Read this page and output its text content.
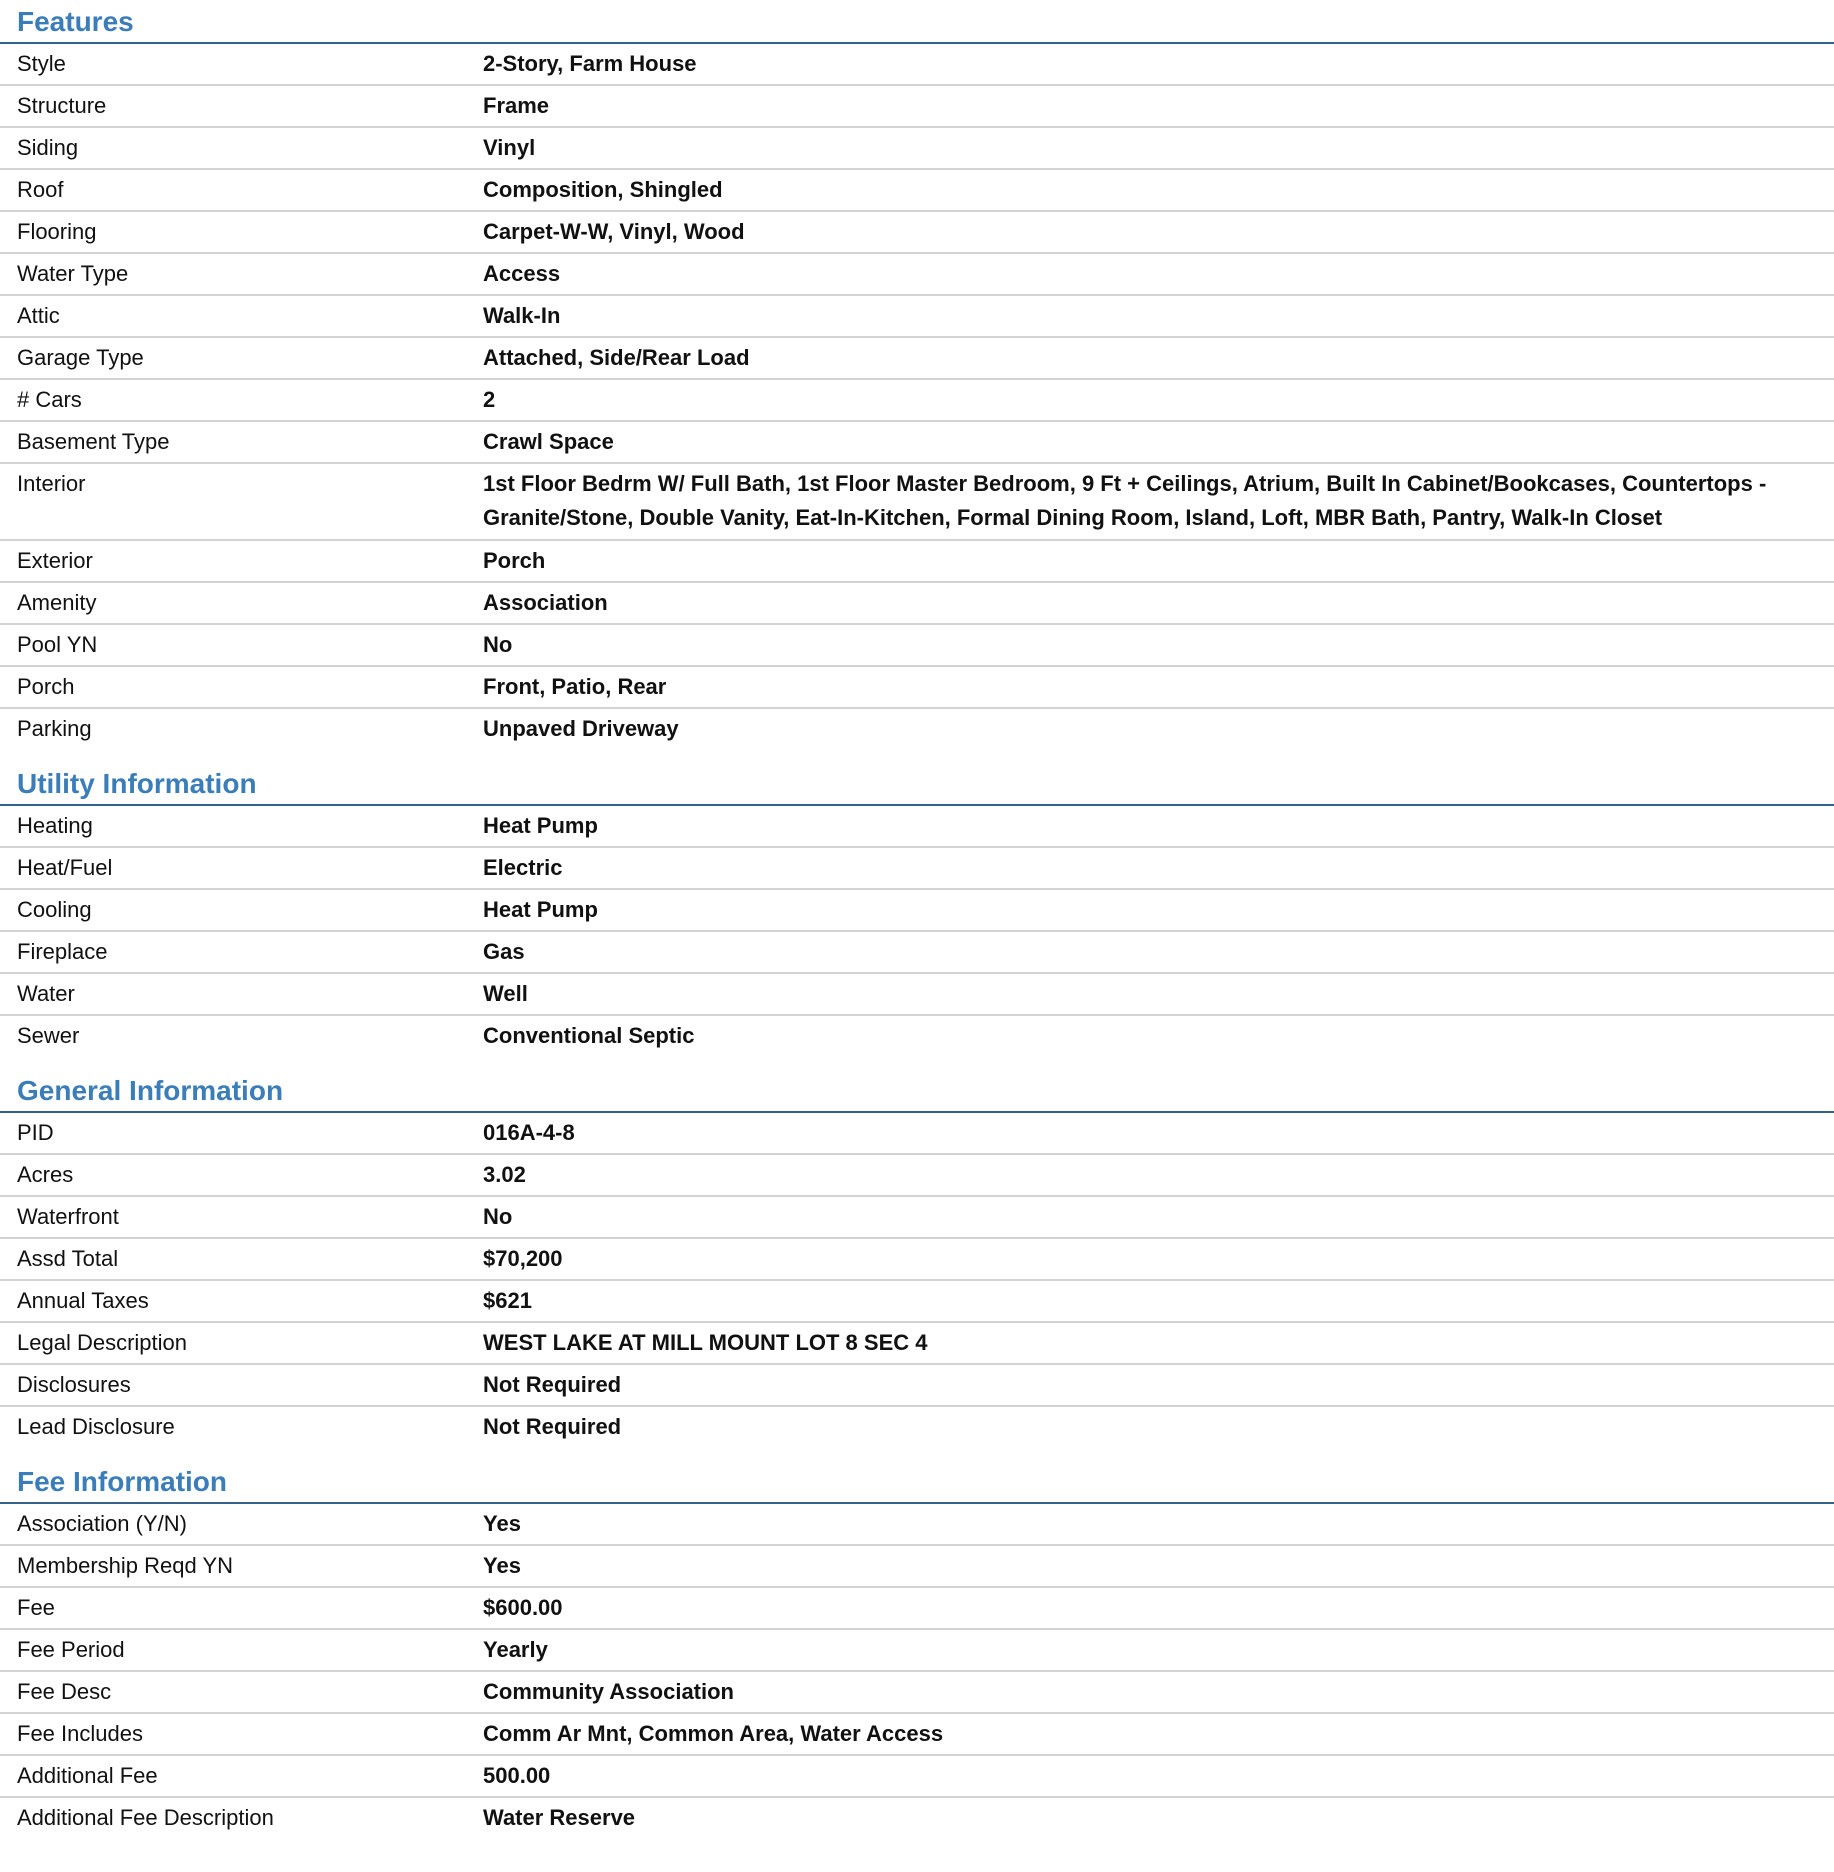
Features
Style	2-Story, Farm House
Structure	Frame
Siding	Vinyl
Roof	Composition, Shingled
Flooring	Carpet-W-W, Vinyl, Wood
Water Type	Access
Attic	Walk-In
Garage Type	Attached, Side/Rear Load
# Cars	2
Basement Type	Crawl Space
Interior	1st Floor Bedrm W/ Full Bath, 1st Floor Master Bedroom, 9 Ft + Ceilings, Atrium, Built In Cabinet/Bookcases, Countertops - Granite/Stone, Double Vanity, Eat-In-Kitchen, Formal Dining Room, Island, Loft, MBR Bath, Pantry, Walk-In Closet
Exterior	Porch
Amenity	Association
Pool YN	No
Porch	Front, Patio, Rear
Parking	Unpaved Driveway
Utility Information
Heating	Heat Pump
Heat/Fuel	Electric
Cooling	Heat Pump
Fireplace	Gas
Water	Well
Sewer	Conventional Septic
General Information
PID	016A-4-8
Acres	3.02
Waterfront	No
Assd Total	$70,200
Annual Taxes	$621
Legal Description	WEST LAKE AT MILL MOUNT LOT 8 SEC 4
Disclosures	Not Required
Lead Disclosure	Not Required
Fee Information
Association (Y/N)	Yes
Membership Reqd YN	Yes
Fee	$600.00
Fee Period	Yearly
Fee Desc	Community Association
Fee Includes	Comm Ar Mnt, Common Area, Water Access
Additional Fee	500.00
Additional Fee Description	Water Reserve
